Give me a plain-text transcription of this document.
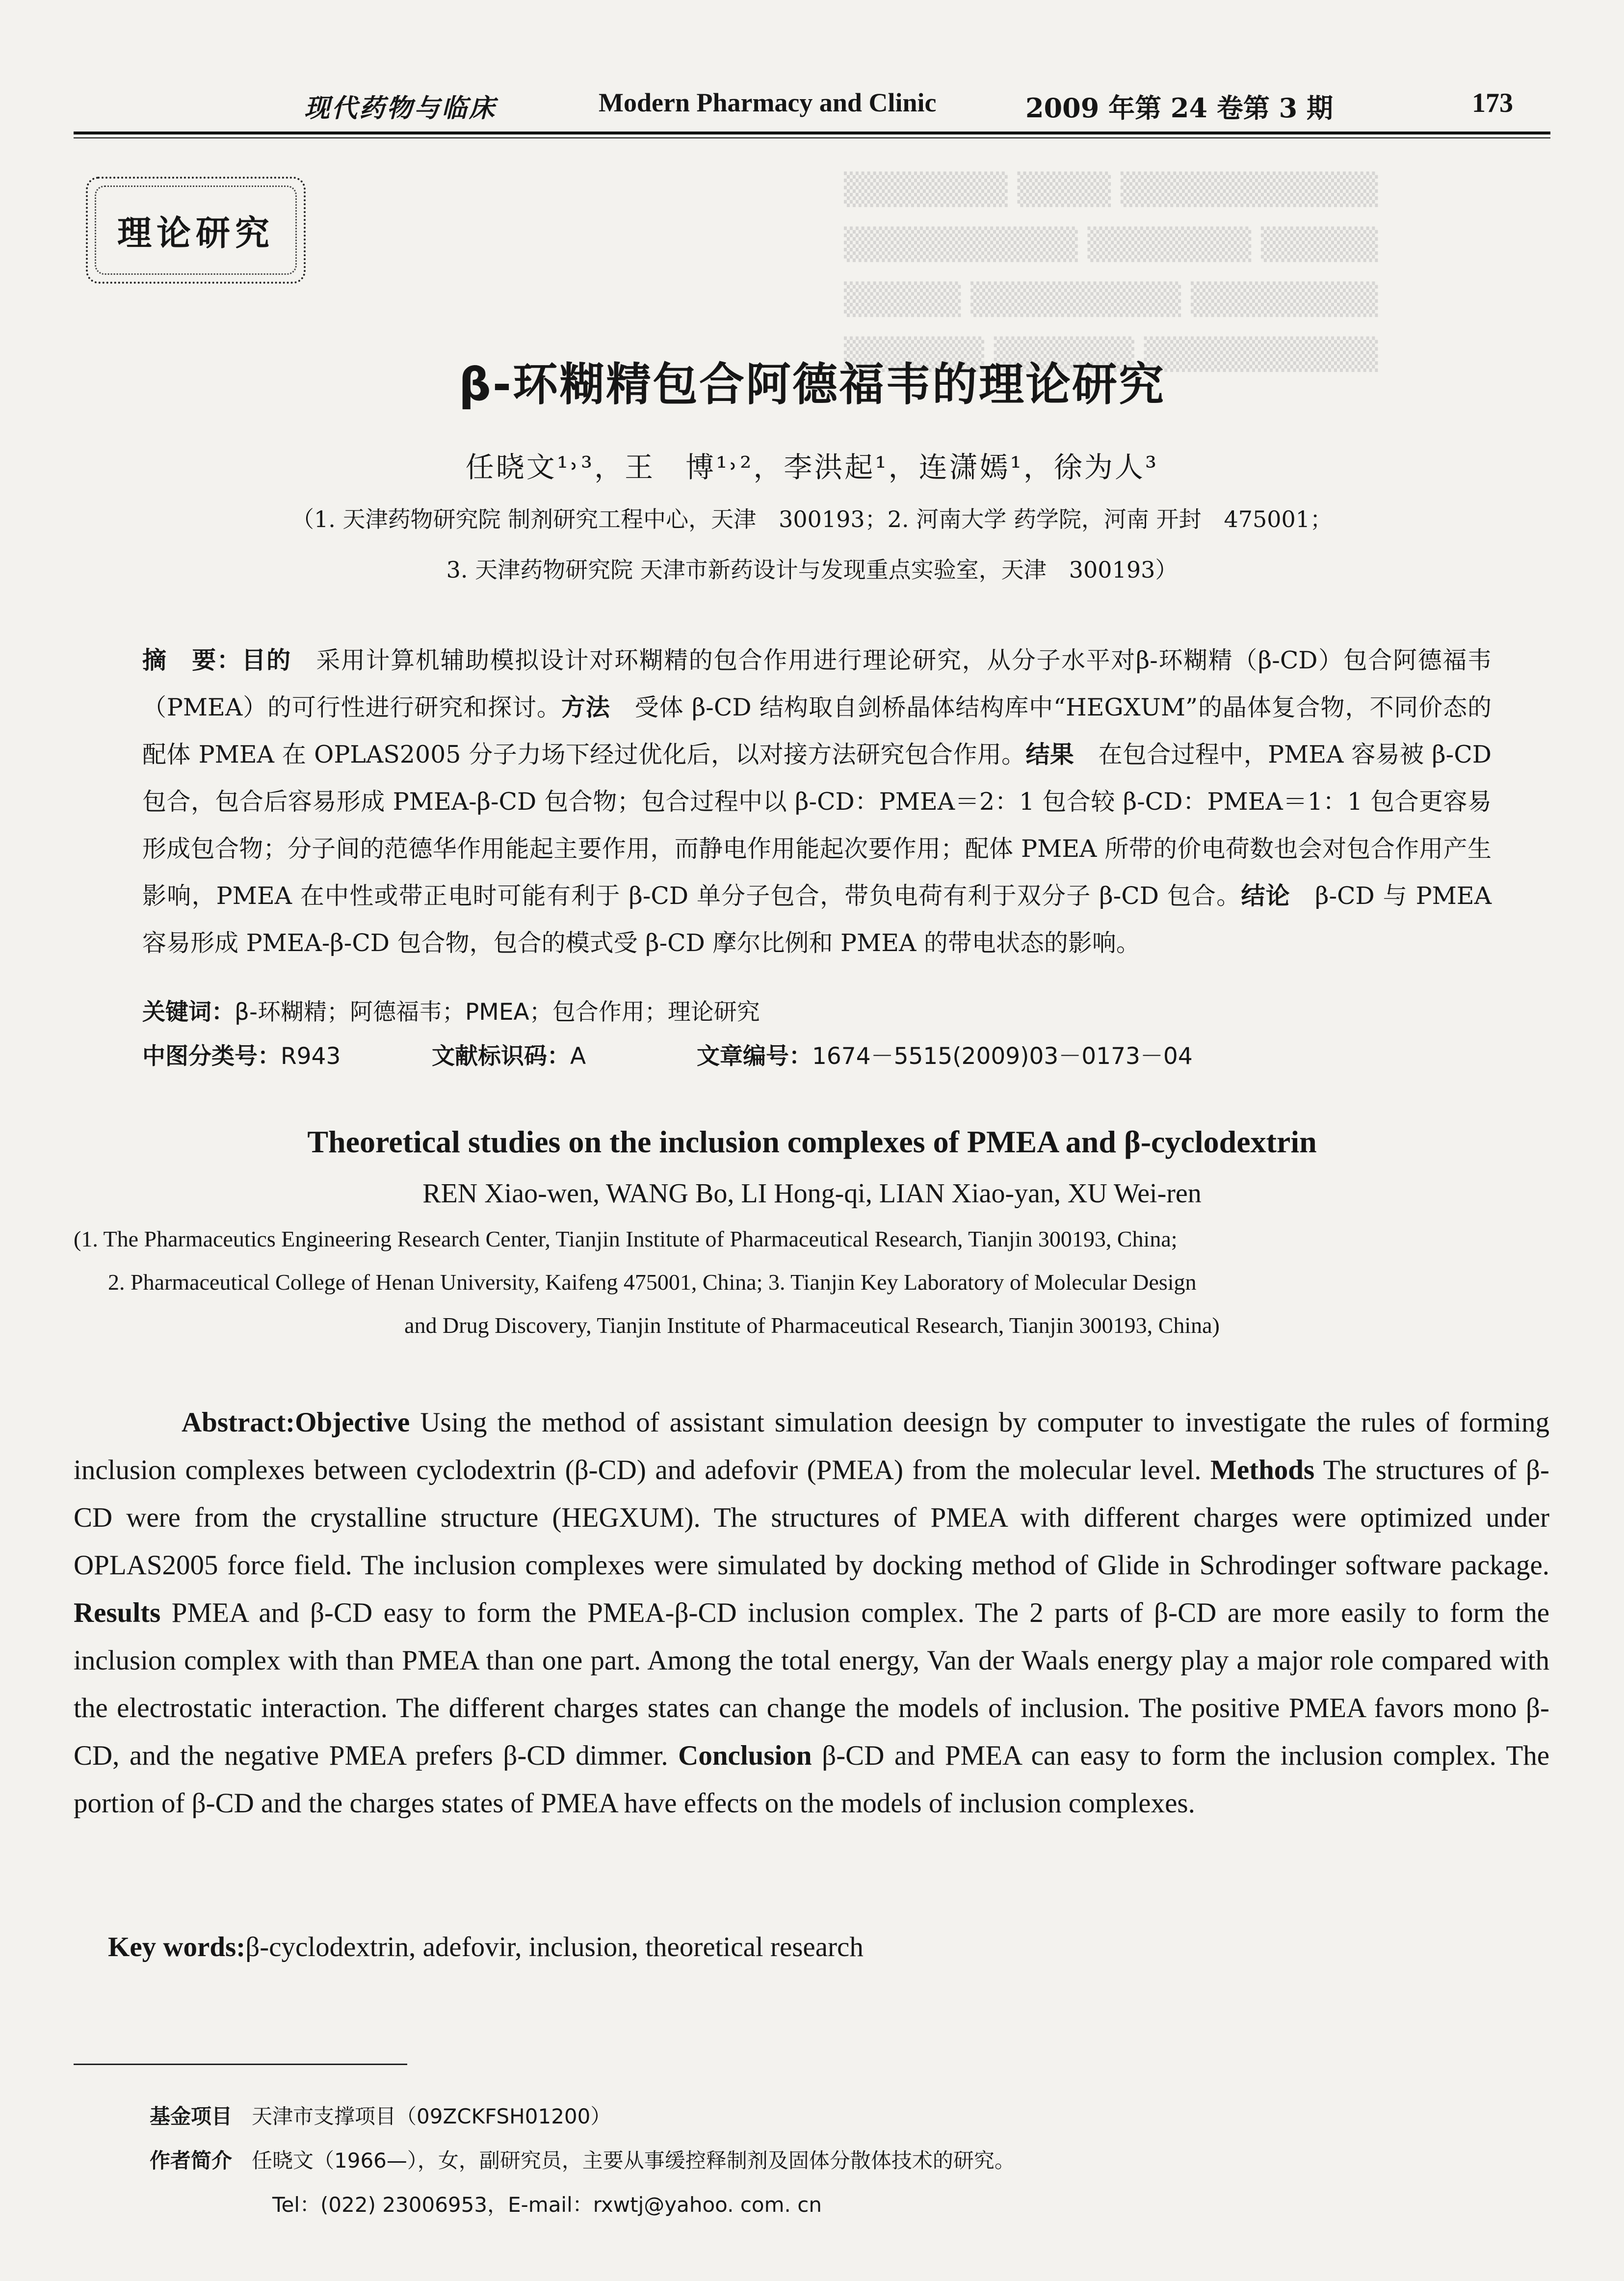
现代药物与临床	Modern Pharmacy and Clinic	2009 年第 24 卷第 3 期	173
理论研究
▒▒▒▒▒▒▒ ▒▒▒▒ ▒▒▒▒▒▒▒▒▒▒▒
▒▒▒▒▒▒▒▒▒▒ ▒▒▒▒▒▒▒ ▒▒▒▒▒
▒▒▒▒▒ ▒▒▒▒▒▒▒▒▒ ▒▒▒▒▒▒▒▒
▒▒▒▒▒▒ ▒▒▒▒▒▒ ▒▒▒▒▒▒▒▒▒▒
β-环糊精包合阿德福韦的理论研究
任晓文¹˒³，王　博¹˒²，李洪起¹，连潇嫣¹，徐为人³
（1. 天津药物研究院 制剂研究工程中心，天津　300193；2. 河南大学 药学院，河南 开封　475001；
3. 天津药物研究院 天津市新药设计与发现重点实验室，天津　300193）
摘　要：目的　 采用计算机辅助模拟设计对环糊精的包合作用进行理论研究，从分子水平对β-环糊精（β-CD）包合阿德福韦（PMEA）的可行性进行研究和探讨。方法　 受体 β-CD 结构取自剑桥晶体结构库中“HEGXUM”的晶体复合物，不同价态的配体 PMEA 在 OPLAS2005 分子力场下经过优化后，以对接方法研究包合作用。结果　 在包合过程中，PMEA 容易被 β-CD 包合，包合后容易形成 PMEA-β-CD 包合物；包合过程中以 β-CD：PMEA＝2：1 包合较 β-CD：PMEA＝1：1 包合更容易形成包合物；分子间的范德华作用能起主要作用，而静电作用能起次要作用；配体 PMEA 所带的价电荷数也会对包合作用产生影响，PMEA 在中性或带正电时可能有利于 β-CD 单分子包合，带负电荷有利于双分子 β-CD 包合。结论　 β-CD 与 PMEA 容易形成 PMEA-β-CD 包合物，包合的模式受 β-CD 摩尔比例和 PMEA 的带电状态的影响。
关键词：β-环糊精；阿德福韦；PMEA；包合作用；理论研究
中图分类号：R943	文献标识码：A	文章编号：1674－5515(2009)03－0173－04
Theoretical studies on the inclusion complexes of PMEA and β-cyclodextrin
REN Xiao-wen, WANG Bo, LI Hong-qi, LIAN Xiao-yan, XU Wei-ren
(1. The Pharmaceutics Engineering Research Center, Tianjin Institute of Pharmaceutical Research, Tianjin 300193, China;
2. Pharmaceutical College of Henan University, Kaifeng 475001, China; 3. Tianjin Key Laboratory of Molecular Design
and Drug Discovery, Tianjin Institute of Pharmaceutical Research, Tianjin 300193, China)
Abstract:Objective Using the method of assistant simulation deesign by computer to investigate the rules of forming inclusion complexes between cyclodextrin (β-CD) and adefovir (PMEA) from the molecular level. Methods The structures of β-CD were from the crystalline structure (HEGXUM). The structures of PMEA with different charges were optimized under OPLAS2005 force field. The inclusion complexes were simulated by docking method of Glide in Schrodinger software package. Results PMEA and β-CD easy to form the PMEA-β-CD inclusion complex. The 2 parts of β-CD are more easily to form the inclusion complex with than PMEA than one part. Among the total energy, Van der Waals energy play a major role compared with the electrostatic interaction. The different charges states can change the models of inclusion. The positive PMEA favors mono β-CD, and the negative PMEA prefers β-CD dimmer. Conclusion β-CD and PMEA can easy to form the inclusion complex. The portion of β-CD and the charges states of PMEA have effects on the models of inclusion complexes.
Key words:β-cyclodextrin, adefovir, inclusion, theoretical research
基金项目 天津市支撑项目（09ZCKFSH01200）
作者简介 任晓文（1966—），女，副研究员，主要从事缓控释制剂及固体分散体技术的研究。
Tel：(022) 23006953，E-mail：rxwtj@yahoo. com. cn
